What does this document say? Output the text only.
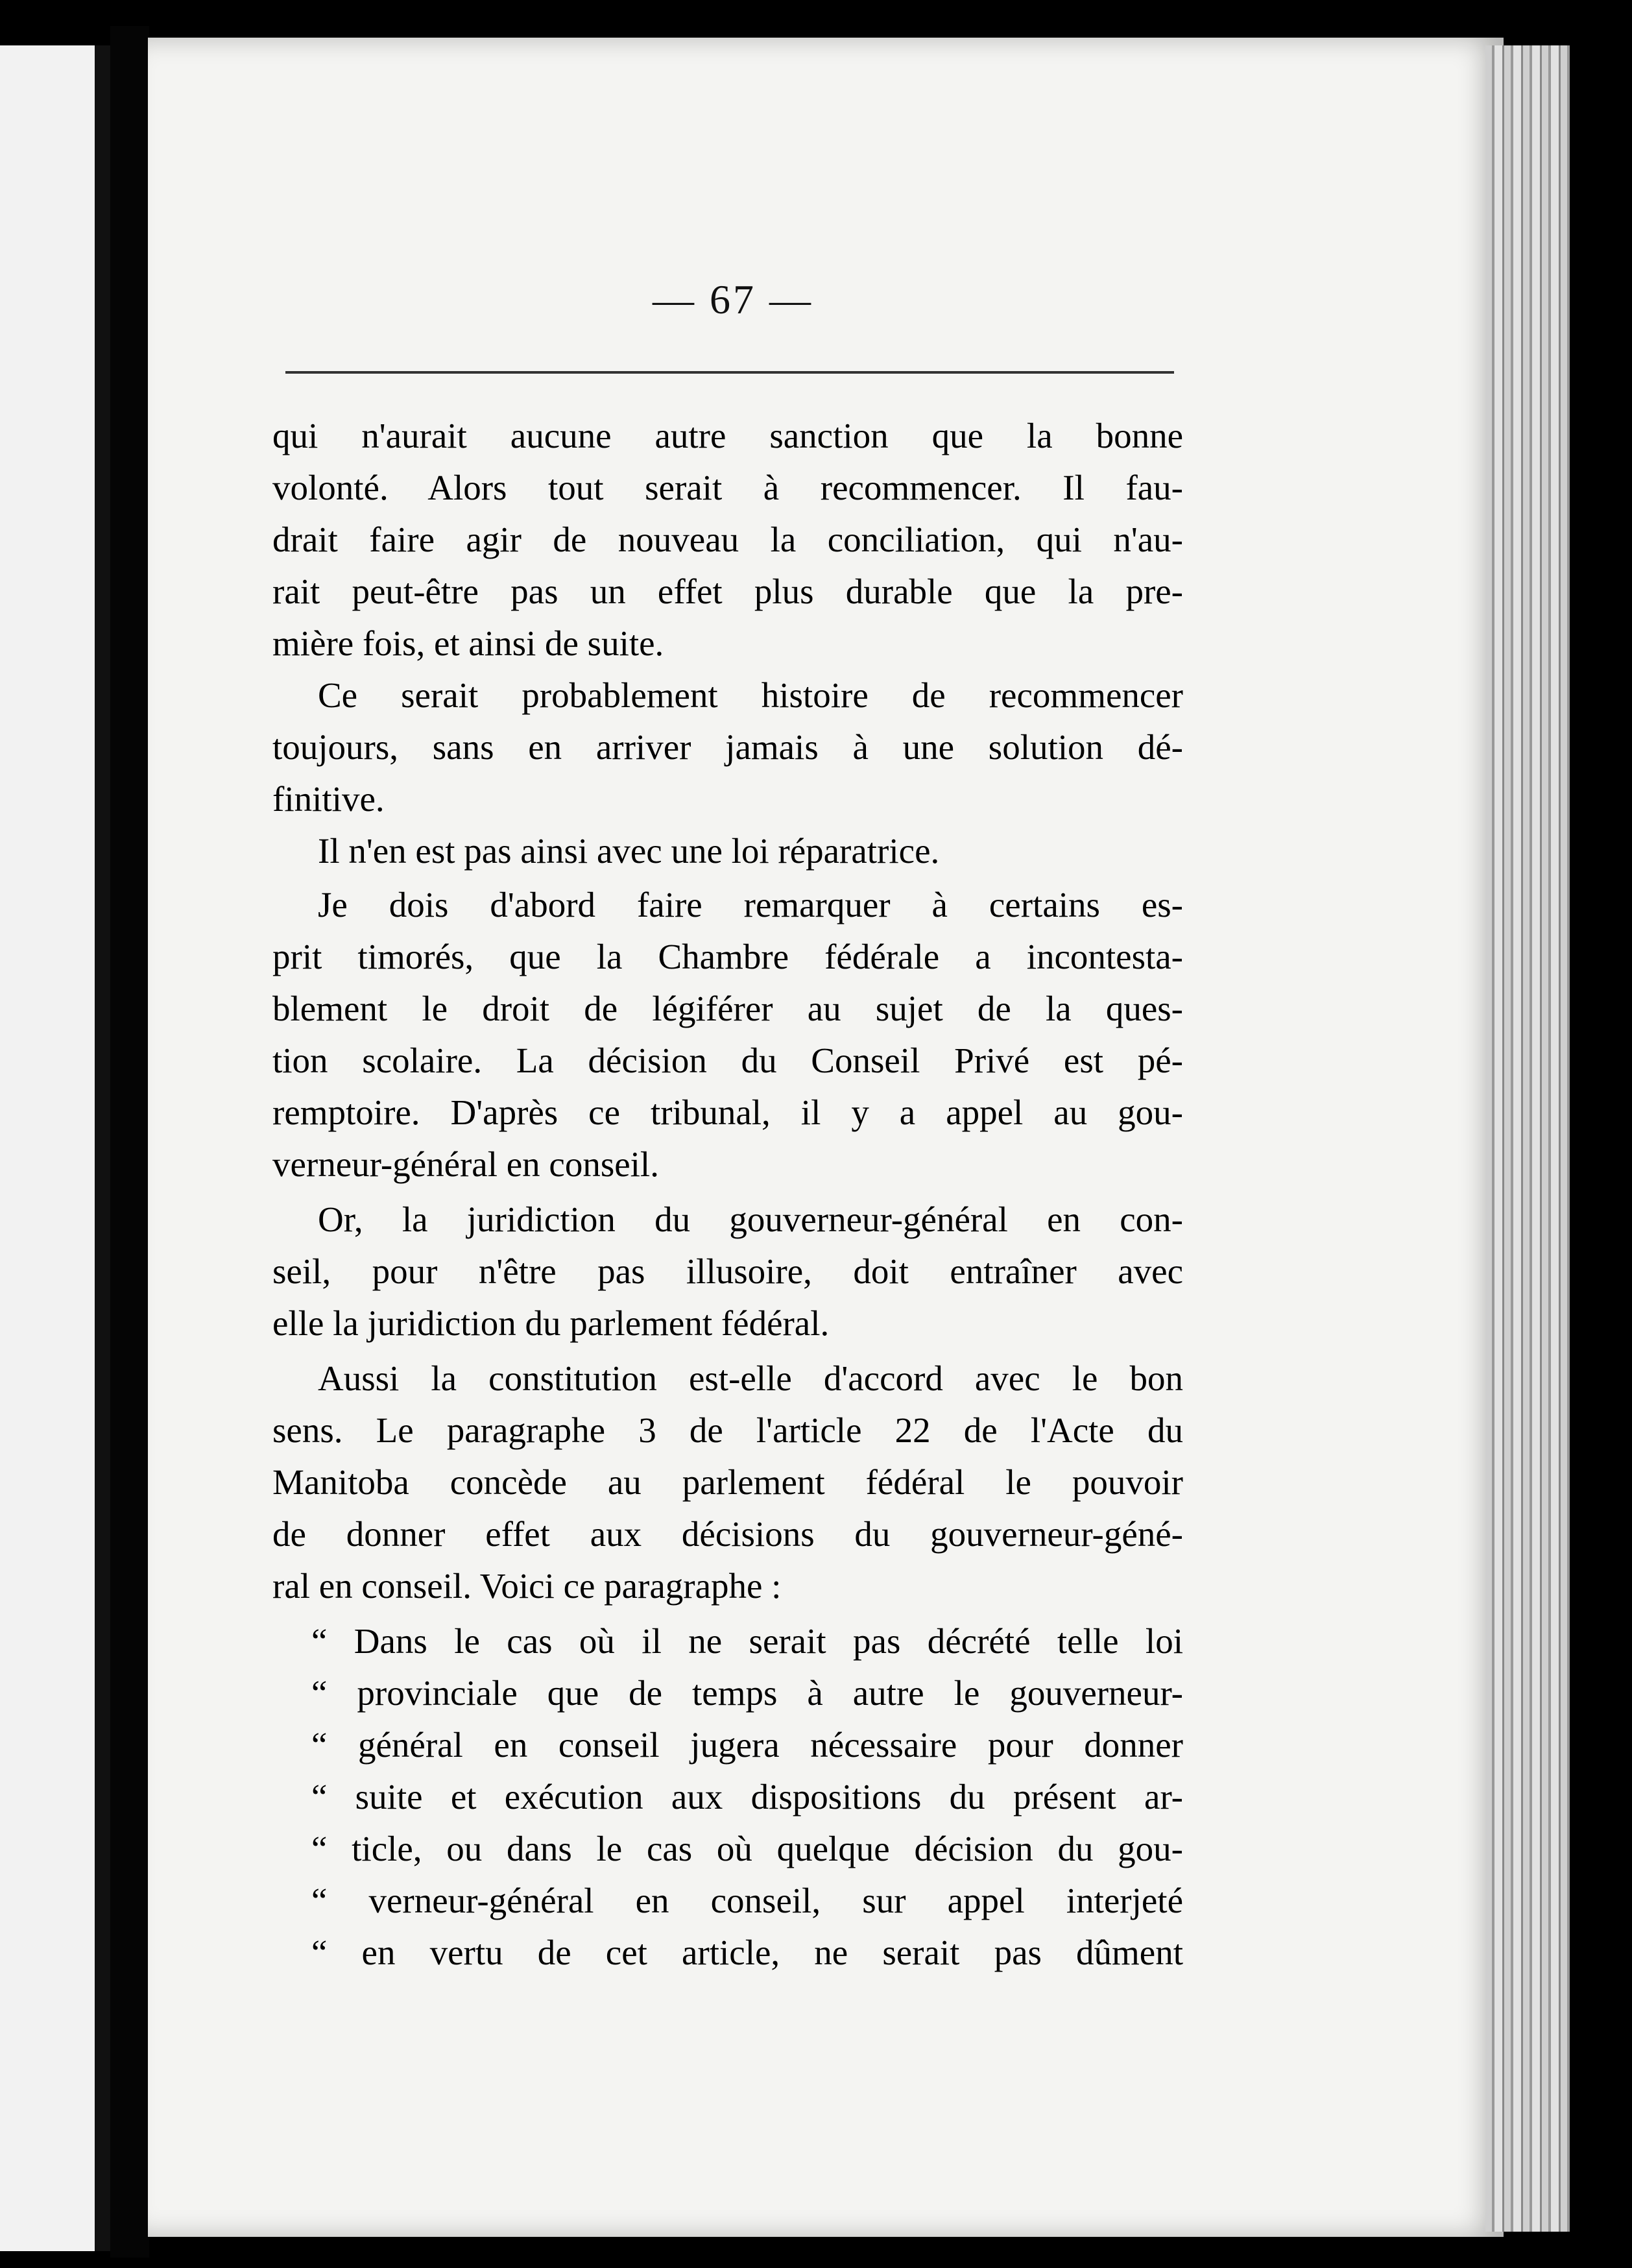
— 67 —
qui n'aurait aucune autre sanction que la bonne
volonté. Alors tout serait à recommencer. Il fau-
drait faire agir de nouveau la conciliation, qui n'au-
rait peut-être pas un effet plus durable que la pre-
mière fois, et ainsi de suite.
Ce serait probablement histoire de recommencer
toujours, sans en arriver jamais à une solution dé-
finitive.
Il n'en est pas ainsi avec une loi réparatrice.
Je dois d'abord faire remarquer à certains es-
prit timorés, que la Chambre fédérale a incontesta-
blement le droit de légiférer au sujet de la ques-
tion scolaire. La décision du Conseil Privé est pé-
remptoire. D'après ce tribunal, il y a appel au gou-
verneur-général en conseil.
Or, la juridiction du gouverneur-général en con-
seil, pour n'être pas illusoire, doit entraîner avec
elle la juridiction du parlement fédéral.
Aussi la constitution est-elle d'accord avec le bon
sens. Le paragraphe 3 de l'article 22 de l'Acte du
Manitoba concède au parlement fédéral le pouvoir
de donner effet aux décisions du gouverneur-géné-
ral en conseil. Voici ce paragraphe :
“ Dans le cas où il ne serait pas décrété telle loi
“ provinciale que de temps à autre le gouverneur-
“ général en conseil jugera nécessaire pour donner
“ suite et exécution aux dispositions du présent ar-
“ ticle, ou dans le cas où quelque décision du gou-
“ verneur-général en conseil, sur appel interjeté
“ en vertu de cet article, ne serait pas dûment
